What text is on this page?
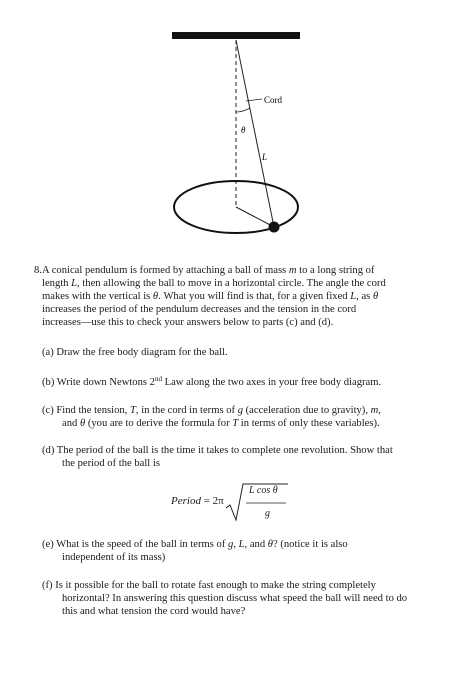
Cord
θ
L
8. A conical pendulum is formed by attaching a ball of mass m to a long string of
length L, then allowing the ball to move in a horizontal circle. The angle the cord
makes with the vertical is θ. What you will find is that, for a given fixed L, as θ
increases the period of the pendulum decreases and the tension in the cord
increases—use this to check your answers below to parts (c) and (d).
(a) Draw the free body diagram for the ball.
(b) Write down Newtons 2nd Law along the two axes in your free body diagram.
(c) Find the tension, T, in the cord in terms of g (acceleration due to gravity), m,
and θ (you are to derive the formula for T in terms of only these variables).
(d) The period of the ball is the time it takes to complete one revolution. Show that
the period of the ball is
Period = 2π
L cos θ
g
(e) What is the speed of the ball in terms of g, L, and θ? (notice it is also
independent of its mass)
(f) Is it possible for the ball to rotate fast enough to make the string completely
horizontal? In answering this question discuss what speed the ball will need to do
this and what tension the cord would have?
